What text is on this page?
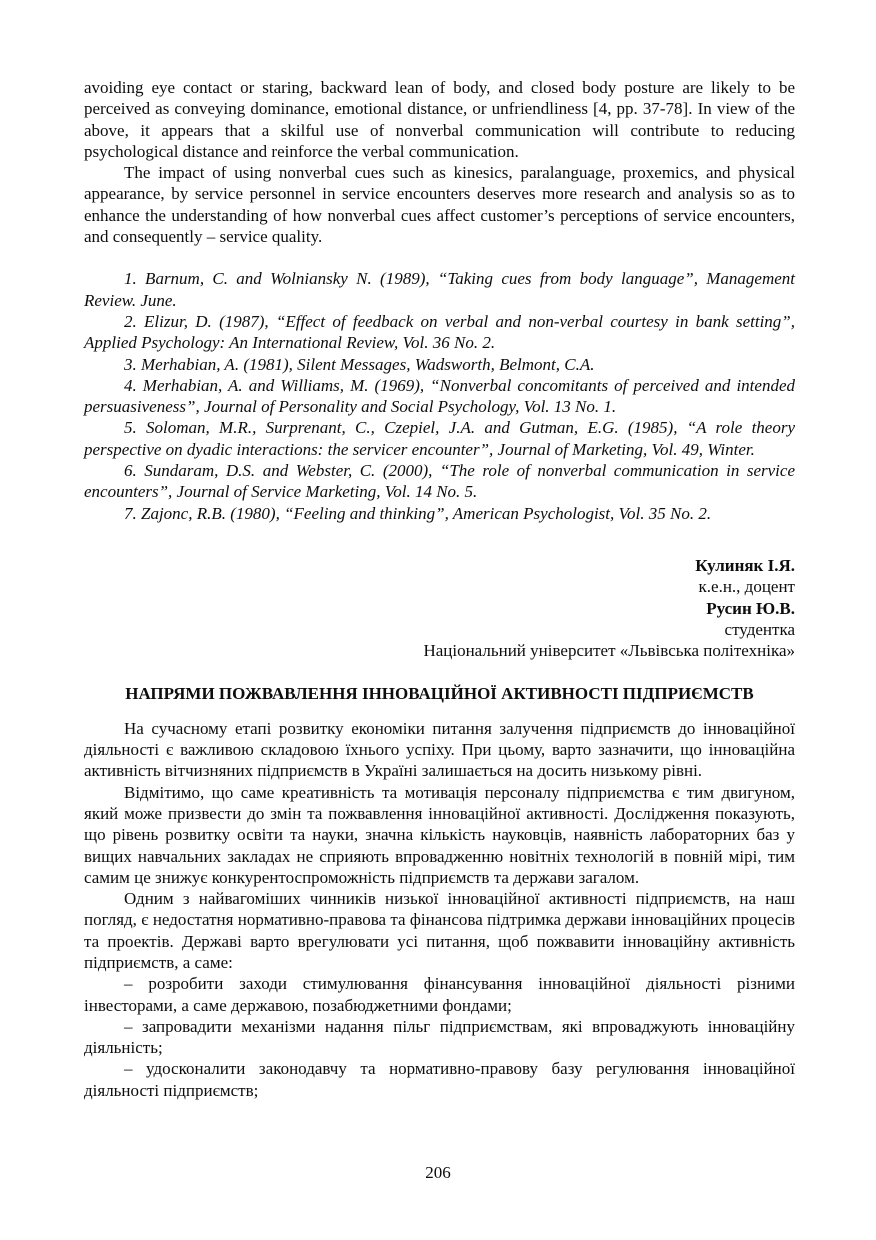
avoiding eye contact or staring, backward lean of body, and closed body posture are likely to be perceived as conveying dominance, emotional distance, or unfriendliness [4, pp. 37-78]. In view of the above, it appears that a skilful use of nonverbal communication will contribute to reducing psychological distance and reinforce the verbal communication.

The impact of using nonverbal cues such as kinesics, paralanguage, proxemics, and physical appearance, by service personnel in service encounters deserves more research and analysis so as to enhance the understanding of how nonverbal cues affect customer’s perceptions of service encounters, and consequently – service quality.

1. Barnum, C. and Wolniansky N. (1989), “Taking cues from body language”, Management Review. June.

2. Elizur, D. (1987), “Effect of feedback on verbal and non-verbal courtesy in bank setting”, Applied Psychology: An International Review, Vol. 36 No. 2.

3. Merhabian, A. (1981), Silent Messages, Wadsworth, Belmont, C.A.

4. Merhabian, A. and Williams, M. (1969), “Nonverbal concomitants of perceived and intended persuasiveness”, Journal of Personality and Social Psychology, Vol. 13 No. 1.

5. Soloman, M.R., Surprenant, C., Czepiel, J.A. and Gutman, E.G. (1985), “A role theory perspective on dyadic interactions: the servicer encounter”, Journal of Marketing, Vol. 49, Winter.

6. Sundaram, D.S. and Webster, C. (2000), “The role of nonverbal communication in service encounters”, Journal of Service Marketing, Vol. 14 No. 5.

7. Zajonc, R.B. (1980), “Feeling and thinking”, American Psychologist, Vol. 35 No. 2.

Кулиняк І.Я.
к.е.н., доцент
Русин Ю.В.
студентка
Національний університет «Львівська політехніка»
НАПРЯМИ ПОЖВАВЛЕННЯ ІННОВАЦІЙНОЇ АКТИВНОСТІ ПІДПРИЄМСТВ

На сучасному етапі розвитку економіки питання залучення підприємств до інноваційної діяльності є важливою складовою їхнього успіху. При цьому, варто зазначити, що інноваційна активність вітчизняних підприємств в Україні залишається на досить низькому рівні.

Відмітимо, що саме креативність та мотивація персоналу підприємства є тим двигуном, який може призвести до змін та пожвавлення інноваційної активності. Дослідження показують, що рівень розвитку освіти та науки, значна кількість науковців, наявність лабораторних баз у вищих навчальних закладах не сприяють впровадженню новітніх технологій в повній мірі, тим самим це знижує конкурентоспроможність підприємств та держави загалом.

Одним з найвагоміших чинників низької інноваційної активності підприємств, на наш погляд, є недостатня нормативно-правова та фінансова підтримка держави інноваційних процесів та проектів. Державі варто врегулювати усі питання, щоб пожвавити інноваційну активність підприємств, а саме:

– розробити заходи стимулювання фінансування інноваційної діяльності різними інвесторами, а саме державою, позабюджетними фондами;

– запровадити механізми надання пільг підприємствам, які впроваджують інноваційну діяльність;

– удосконалити законодавчу та нормативно-правову базу регулювання інноваційної діяльності підприємств;

206
